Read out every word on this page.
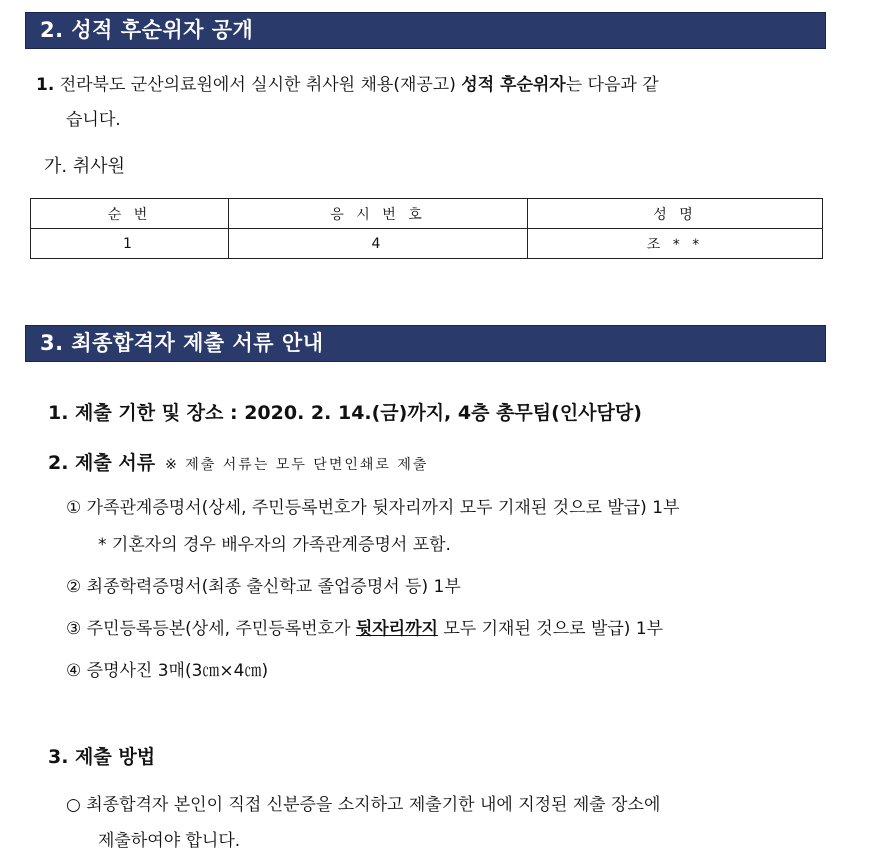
2. 성적 후순위자 공개
1. 전라북도 군산의료원에서 실시한 취사원 채용(재공고) 성적 후순위자는 다음과 같
습니다.
가. 취사원
순 번	응 시 번 호	성 명
1	4	조 * *
3. 최종합격자 제출 서류 안내
1. 제출 기한 및 장소 : 2020. 2. 14.(금)까지, 4층 총무팀(인사담당)
2. 제출 서류 ※ 제출 서류는 모두 단면인쇄로 제출
① 가족관계증명서(상세, 주민등록번호가 뒷자리까지 모두 기재된 것으로 발급) 1부
* 기혼자의 경우 배우자의 가족관계증명서 포함.
② 최종학력증명서(최종 출신학교 졸업증명서 등) 1부
③ 주민등록등본(상세, 주민등록번호가 뒷자리까지 모두 기재된 것으로 발급) 1부
④ 증명사진 3매(3㎝×4㎝)
3. 제출 방법
○ 최종합격자 본인이 직접 신분증을 소지하고 제출기한 내에 지정된 제출 장소에
제출하여야 합니다.
